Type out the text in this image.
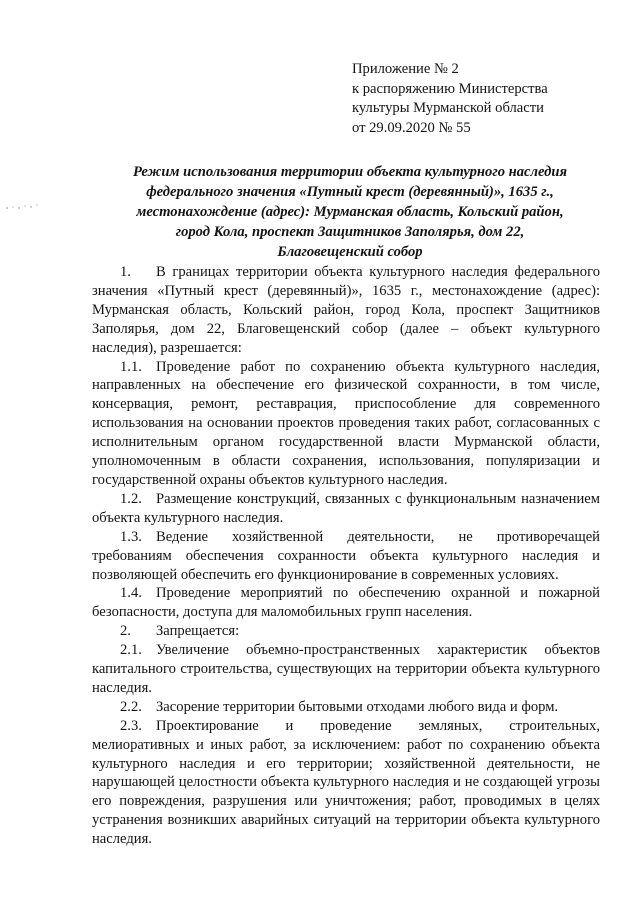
Приложение № 2
к распоряжению Министерства
культуры Мурманской области
от 29.09.2020 № 55
Режим использования территории объекта культурного наследия
федерального значения «Путный крест (деревянный)», 1635 г.,
местонахождение (адрес): Мурманская область, Кольский район,
город Кола, проспект Защитников Заполярья, дом 22,
Благовещенский собор

1. В границах территории объекта культурного наследия федерального значения «Путный крест (деревянный)», 1635 г., местонахождение (адрес): Мурманская область, Кольский район, город Кола, проспект Защитников Заполярья, дом 22, Благовещенский собор (далее – объект культурного наследия), разрешается:

1.1. Проведение работ по сохранению объекта культурного наследия, направленных на обеспечение его физической сохранности, в том числе, консервация, ремонт, реставрация, приспособление для современного использования на основании проектов проведения таких работ, согласованных с исполнительным органом государственной власти Мурманской области, уполномоченным в области сохранения, использования, популяризации и государственной охраны объектов культурного наследия.

1.2. Размещение конструкций, связанных с функциональным назначением объекта культурного наследия.

1.3. Ведение хозяйственной деятельности, не противоречащей требованиям обеспечения сохранности объекта культурного наследия и позволяющей обеспечить его функционирование в современных условиях.

1.4. Проведение мероприятий по обеспечению охранной и пожарной безопасности, доступа для маломобильных групп населения.

2. Запрещается:

2.1. Увеличение объемно-пространственных характеристик объектов капитального строительства, существующих на территории объекта культурного наследия.

2.2. Засорение территории бытовыми отходами любого вида и форм.

2.3. Проектирование и проведение земляных, строительных, мелиоративных и иных работ, за исключением: работ по сохранению объекта культурного наследия и его территории; хозяйственной деятельности, не нарушающей целостности объекта культурного наследия и не создающей угрозы его повреждения, разрушения или уничтожения; работ, проводимых в целях устранения возникших аварийных ситуаций на территории объекта культурного наследия.
